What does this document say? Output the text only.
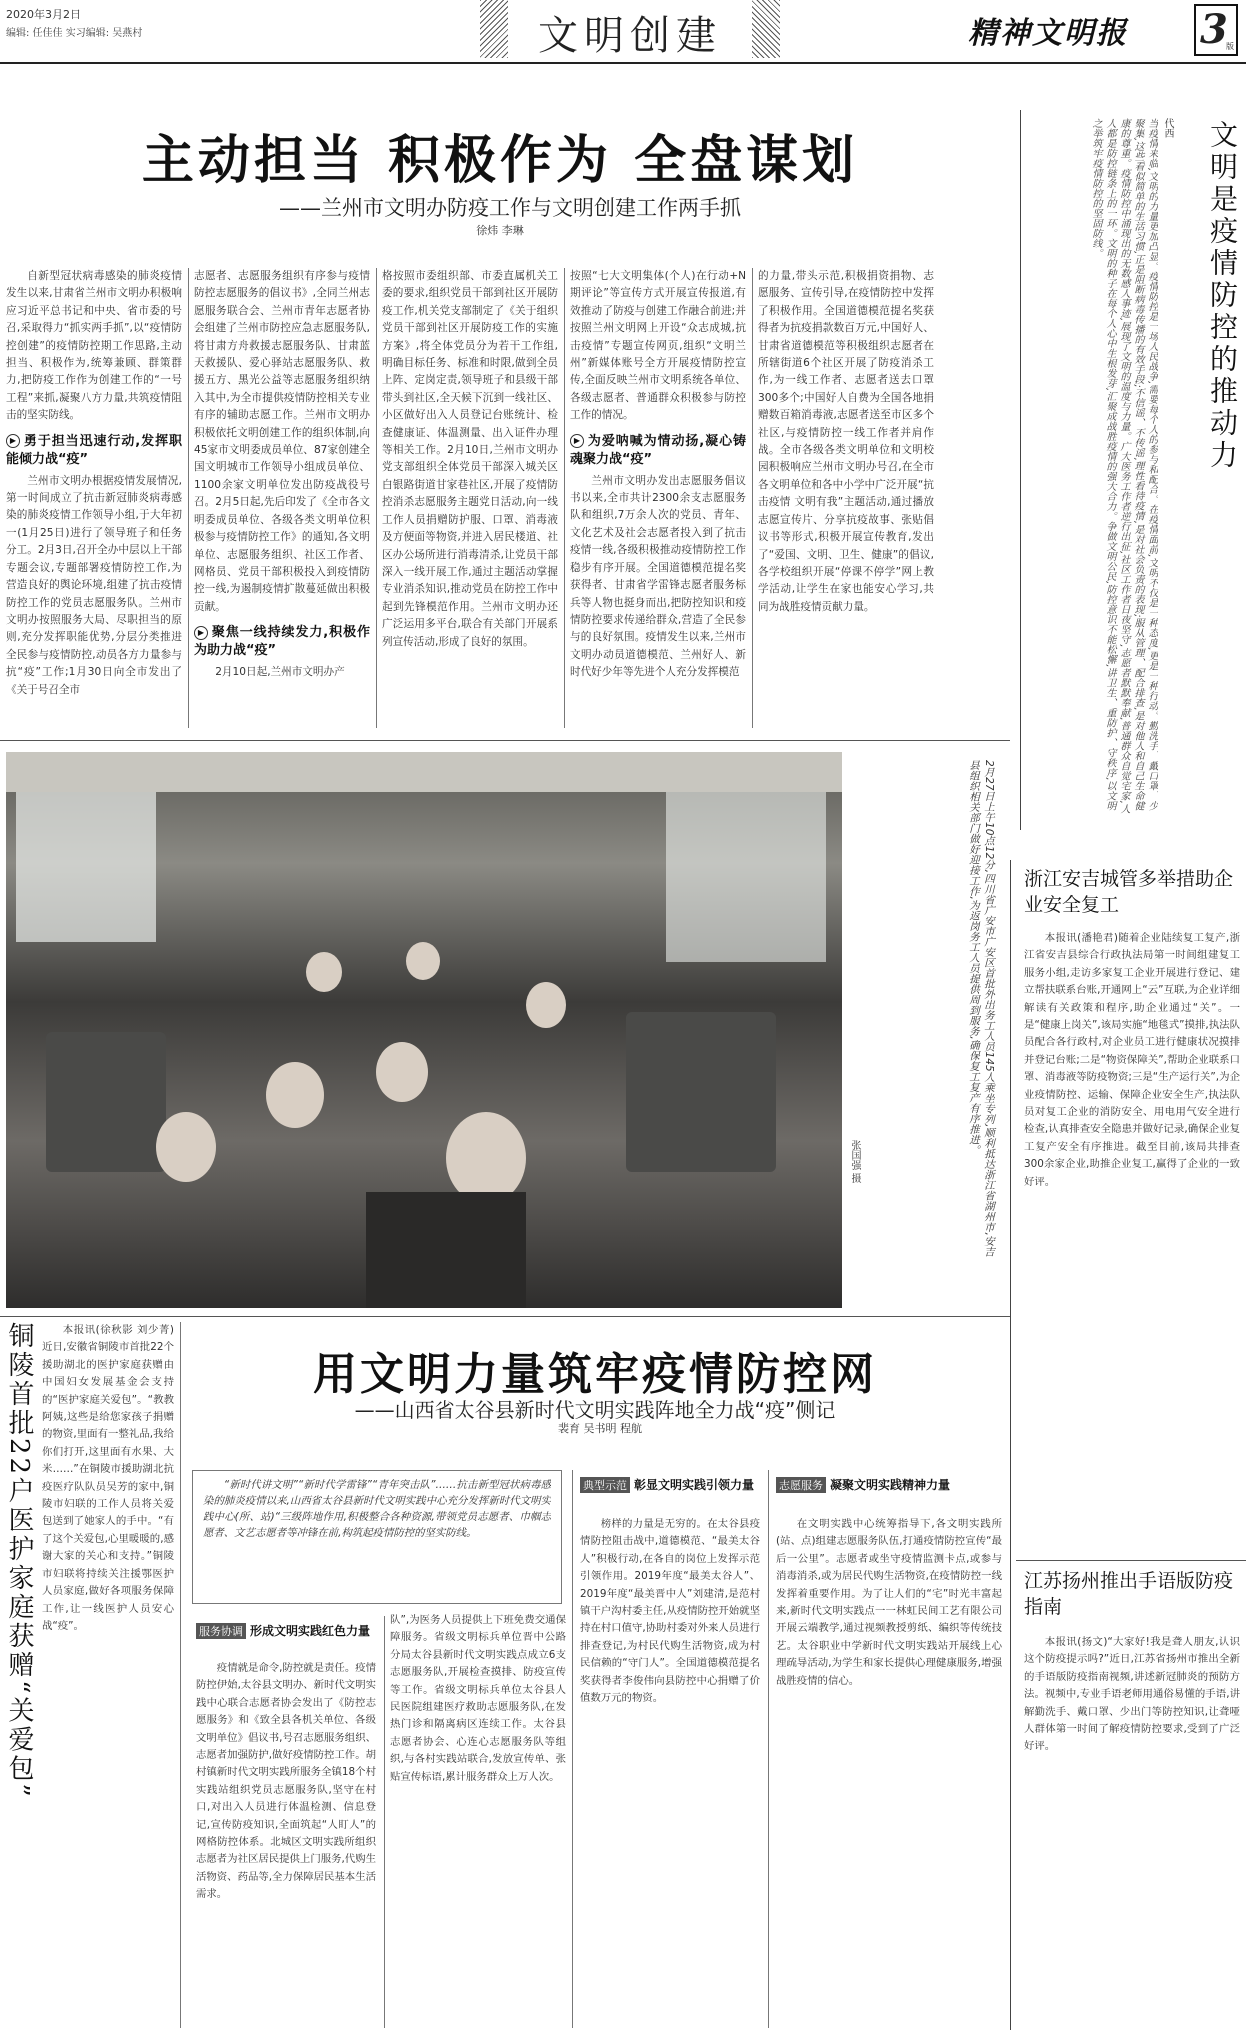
2020年3月2日
编辑: 任佳佳 实习编辑: 吴燕村	文明创建	精神文明报 3
版
主动担当 积极作为 全盘谋划
——兰州市文明办防疫工作与文明创建工作两手抓
徐炜 李琳

自新型冠状病毒感染的肺炎疫情发生以来,甘肃省兰州市文明办积极响应习近平总书记和中央、省市委的号召,采取得力“抓实两手抓”,以“疫情防控创建”的疫情防控期工作思路,主动担当、积极作为,统筹兼顾、群策群力,把防疫工作作为创建工作的“一号工程”来抓,凝聚八方力量,共筑疫情阻击的坚实防线。

▶ 勇于担当迅速行动,发挥职能倾力战“疫”

兰州市文明办根据疫情发展情况,第一时间成立了抗击新冠肺炎病毒感染的肺炎疫情工作领导小组,于大年初一(1月25日)进行了领导班子和任务分工。2月3日,召开全办中层以上干部专题会议,专题部署疫情防控工作,为营造良好的舆论环境,组建了抗击疫情防控工作的党员志愿服务队。兰州市文明办按照服务大局、尽职担当的原则,充分发挥职能优势,分层分类推进全民参与疫情防控,动员各方力量参与抗“疫”工作;1月30日向全市发出了《关于号召全市

志愿者、志愿服务组织有序参与疫情防控志愿服务的倡议书》,全同兰州志愿服务联合会、兰州市青年志愿者协会组建了兰州市防控应急志愿服务队,将甘肃方舟救援志愿服务队、甘肃蓝天救援队、爱心驿站志愿服务队、救援五方、黑光公益等志愿服务组织纳入其中,为全市提供疫情防控相关专业有序的辅助志愿工作。兰州市文明办积极依托文明创建工作的组织体制,向45家市文明委成员单位、87家创建全国文明城市工作领导小组成员单位、1100余家文明单位发出防疫战役号召。2月5日起,先后印发了《全市各文明委成员单位、各级各类文明单位积极参与疫情防控工作》的通知,各文明单位、志愿服务组织、社区工作者、网格员、党员干部积极投入到疫情防控一线,为遏制疫情扩散蔓延做出积极贡献。

▶ 聚焦一线持续发力,积极作为助力战“疫”

2月10日起,兰州市文明办产

格按照市委组织部、市委直属机关工委的要求,组织党员干部到社区开展防疫工作,机关党支部制定了《关于组织党员干部到社区开展防疫工作的实施方案》,将全体党员分为若干工作组,明确目标任务、标准和时限,做到全员上阵、定岗定责,领导班子和县级干部带头到社区,全天候下沉到一线社区、小区做好出入人员登记台账统计、检查健康证、体温测量、出入证件办理等相关工作。2月10日,兰州市文明办党支部组织全体党员干部深入城关区白银路街道甘家巷社区,开展了疫情防控消杀志愿服务主题党日活动,向一线工作人员捐赠防护服、口罩、消毒液及方便面等物资,并进入居民楼道、社区办公场所进行消毒清杀,让党员干部深入一线开展工作,通过主题活动掌握专业消杀知识,推动党员在防控工作中起到先锋模范作用。兰州市文明办还广泛运用多平台,联合有关部门开展系列宣传活动,形成了良好的氛围。

按照“七大文明集体(个人)在行动+N期评论”等宣传方式开展宣传报道,有效推动了防疫与创建工作融合前进;并按照兰州文明网上开设“众志成城,抗击疫情”专题宣传网页,组织“文明兰州”新媒体账号全方开展疫情防控宣传,全面反映兰州市文明系统各单位、各级志愿者、普通群众积极参与防控工作的情况。

▶ 为爱呐喊为情动扬,凝心铸魂聚力战“疫”

兰州市文明办发出志愿服务倡议书以来,全市共计2300余支志愿服务队和组织,7万余人次的党员、青年、文化艺术及社会志愿者投入到了抗击疫情一线,各级积极推动疫情防控工作稳步有序开展。全国道德模范提名奖获得者、甘肃省学雷锋志愿者服务标兵等人物也挺身而出,把防控知识和疫情防控要求传递给群众,营造了全民参与的良好氛围。疫情发生以来,兰州市文明办动员道德模范、兰州好人、新时代好少年等先进个人充分发挥模范

的力量,带头示范,积极捐资捐物、志愿服务、宣传引导,在疫情防控中发挥了积极作用。全国道德模范提名奖获得者为抗疫捐款数百万元,中国好人、甘肃省道德模范等积极组织志愿者在所辖街道6个社区开展了防疫消杀工作,为一线工作者、志愿者送去口罩300多个;中国好人自费为全国各地捐赠数百箱消毒液,志愿者送至市区多个社区,与疫情防控一线工作者并肩作战。全市各级各类文明单位和文明校园积极响应兰州市文明办号召,在全市各文明单位和各中小学中广泛开展“抗击疫情 文明有我”主题活动,通过播放志愿宣传片、分享抗疫故事、张贴倡议书等形式,积极开展宣传教育,发出了“爱国、文明、卫生、健康”的倡议,各学校组织开展“停课不停学”网上教学活动,让学生在家也能安心学习,共同为战胜疫情贡献力量。

文明是疫情防控的推动力
代西
当疫情来临,文明的力量更加凸显。疫情防控是一场人民战争,需要每个人的参与和配合。在疫情面前,文明不仅是一种态度,更是一种行动。勤洗手、戴口罩、少聚集,这些看似简单的生活习惯,正是阻断病毒传播的有效手段;不信谣、不传谣,理性看待疫情,是对社会负责的表现;服从管理、配合排查,是对他人和自己生命健康的尊重。疫情防控中涌现出的无数感人事迹,展现了文明的温度与力量。广大医务工作者逆行出征,社区工作者日夜坚守,志愿者默默奉献,普通群众自觉宅家,人人都是防控链条上的一环。文明的种子在每个人心中生根发芽,汇聚成战胜疫情的强大合力。争做文明公民,防控意识不能松懈,讲卫生、重防护、守秩序,以文明之举筑牢疫情防控的坚固防线。
2月27日上午10点12分,四川省广安市广安区首批外出务工人员145人乘坐专列,顺利抵达浙江省湖州市,安吉县组织相关部门做好迎接工作,为返岗务工人员提供周到服务,确保复工复产有序推进。
张国强 摄
浙江安吉城管多举措助企业安全复工
本报讯(潘艳君)随着企业陆续复工复产,浙江省安吉县综合行政执法局第一时间组建复工服务小组,走访多家复工企业开展进行登记、建立帮扶联系台账,开通网上“云”互联,为企业详细解读有关政策和程序,助企业通过“关”。一是“健康上岗关”,该局实施“地毯式”摸排,执法队员配合各行政村,对企业员工进行健康状况摸排并登记台账;二是“物资保障关”,帮助企业联系口罩、消毒液等防疫物资;三是“生产运行关”,为企业疫情防控、运输、保障企业安全生产,执法队员对复工企业的消防安全、用电用气安全进行检查,认真排查安全隐患并做好记录,确保企业复工复产安全有序推进。截至目前,该局共排查300余家企业,助推企业复工,赢得了企业的一致好评。
江苏扬州推出手语版防疫指南
本报讯(扬文)“大家好!我是聋人朋友,认识这个防疫提示吗?”近日,江苏省扬州市推出全新的手语版防疫指南视频,讲述新冠肺炎的预防方法。视频中,专业手语老师用通俗易懂的手语,讲解勤洗手、戴口罩、少出门等防控知识,让聋哑人群体第一时间了解疫情防控要求,受到了广泛好评。
铜陵首批22户医护家庭获赠“关爱包”	本报讯(徐秋影 刘少菁)近日,安徽省铜陵市首批22个援助湖北的医护家庭获赠由中国妇女发展基金会支持的“医护家庭关爱包”。“教教阿姨,这些是给您家孩子捐赠的物资,里面有一整礼品,我给你们打开,这里面有水果、大米……”在铜陵市援助湖北抗疫医疗队队员吴芳的家中,铜陵市妇联的工作人员将关爱包送到了她家人的手中。“有了这个关爱包,心里暖暖的,感谢大家的关心和支持。”铜陵市妇联将持续关注援鄂医护人员家庭,做好各项服务保障工作,让一线医护人员安心战“疫”。
用文明力量筑牢疫情防控网
——山西省太谷县新时代文明实践阵地全力战“疫”侧记
裴育 吴书明 程航

“新时代讲文明”“新时代学雷锋”“青年突击队”……抗击新型冠状病毒感染的肺炎疫情以来,山西省太谷县新时代文明实践中心充分发挥新时代文明实践中心(所、站)“三级阵地作用,积极整合各种资源,带领党员志愿者、巾帼志愿者、文艺志愿者等冲锋在前,构筑起疫情防控的坚实防线。

服务协调 形成文明实践红色力量
疫情就是命令,防控就是责任。疫情防控伊始,太谷县文明办、新时代文明实践中心联合志愿者协会发出了《防控志愿服务》和《致全县各机关单位、各级文明单位》倡议书,号召志愿服务组织、志愿者加强防护,做好疫情防控工作。胡村镇新时代文明实践所服务全镇18个村实践站组织党员志愿服务队,坚守在村口,对出入人员进行体温检测、信息登记,宣传防疫知识,全面筑起“人盯人”的网格防控体系。北城区文明实践所组织志愿者为社区居民提供上门服务,代购生活物资、药品等,全力保障居民基本生活需求。
队”,为医务人员提供上下班免费交通保障服务。省级文明标兵单位晋中公路分局太谷县新时代文明实践点成立6支志愿服务队,开展检查摸排、防疫宣传等工作。省级文明标兵单位太谷县人民医院组建医疗救助志愿服务队,在发热门诊和隔离病区连续工作。太谷县志愿者协会、心连心志愿服务队等组织,与各村实践站联合,发放宣传单、张贴宣传标语,累计服务群众上万人次。
典型示范 彰显文明实践引领力量
榜样的力量是无穷的。在太谷县疫情防控阻击战中,道德模范、“最美太谷人”积极行动,在各自的岗位上发挥示范引领作用。2019年度“最美太谷人”、2019年度“最美晋中人”刘建清,是范村镇干户沟村委主任,从疫情防控开始就坚持在村口值守,协助村委对外来人员进行排查登记,为村民代购生活物资,成为村民信赖的“守门人”。全国道德模范提名奖获得者李俊伟向县防控中心捐赠了价值数万元的物资。
志愿服务 凝聚文明实践精神力量
在文明实践中心统筹指导下,各文明实践所(站、点)组建志愿服务队伍,打通疫情防控宣传“最后一公里”。志愿者或坐守疫情监测卡点,或参与消毒消杀,或为居民代购生活物资,在疫情防控一线发挥着重要作用。为了让人们的“宅”时光丰富起来,新时代文明实践点一一林虹民间工艺有限公司开展云端教学,通过视频教授剪纸、编织等传统技艺。太谷职业中学新时代文明实践站开展线上心理疏导活动,为学生和家长提供心理健康服务,增强战胜疫情的信心。
